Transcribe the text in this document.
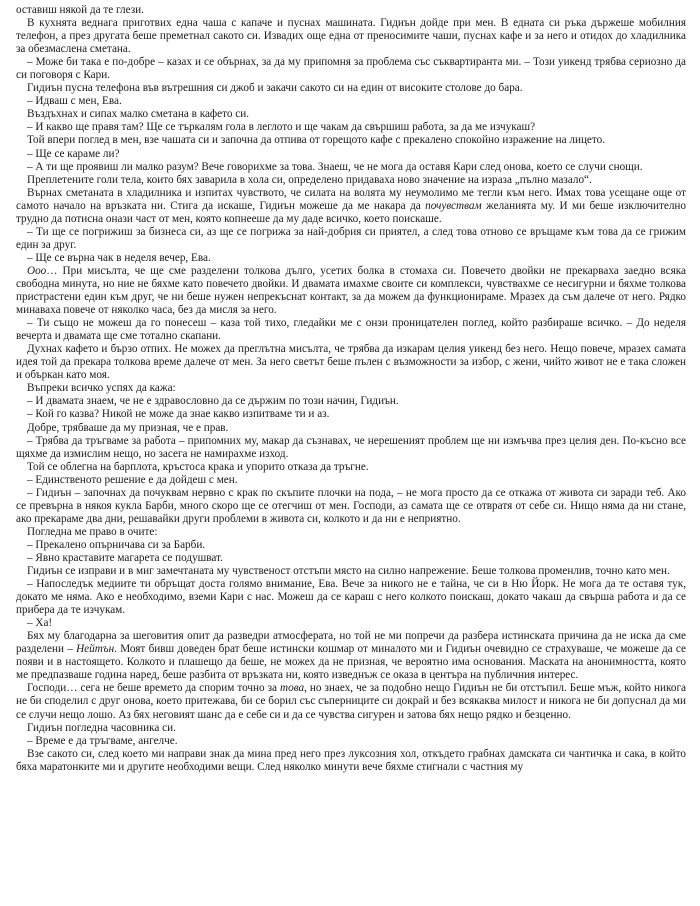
оставиш някой да те глези.

В кухнята веднага приготвих една чаша с капаче и пуснах машината. Гидиън дойде при мен. В едната си ръка държеше мобилния телефон, а през другата беше преметнал сакото си. Извадих още една от преносимите чаши, пуснах кафе и за него и отидох до хладилника за обезмаслена сметана.

– Може би така е по-добре – казах и се обърнах, за да му припомня за проблема със съквартиранта ми. – Този уикенд трябва сериозно да си поговоря с Кари.

Гидиън пусна телефона във вътрешния си джоб и закачи сакото си на един от високите столове до бара.

– Идваш с мен, Ева.

Въздъхнах и сипах малко сметана в кафето си.

– И какво ще правя там? Ще се търкалям гола в леглото и ще чакам да свършиш работа, за да ме изчукаш?

Той впери поглед в мен, взе чашата си и започна да отпива от горещото кафе с прекалено спокойно изражение на лицето.

– Ще се караме ли?

– А ти ще проявиш ли малко разум? Вече говорихме за това. Знаеш, че не мога да оставя Кари след онова, което се случи снощи.

Преплетените голи тела, които бях заварила в хола си, определено придаваха ново значение на израза „пълно мазало“.

Върнах сметаната в хладилника и изпитах чувството, че силата на волята му неумолимо ме тегли към него. Имах това усещане още от самото начало на връзката ни. Стига да искаше, Гидиън можеше да ме накара да почувствам желанията му. И ми беше изключително трудно да потисна онази част от мен, която копнееше да му даде всичко, което поискаше.

– Ти ще се погрижиш за бизнеса си, аз ще се погрижа за най-добрия си приятел, а след това отново се връщаме към това да се грижим един за друг.

– Ще се върна чак в неделя вечер, Ева.

Ооо… При мисълта, че ще сме разделени толкова дълго, усетих болка в стомаха си. Повечето двойки не прекарваха заедно всяка свободна минута, но ние не бяхме като повечето двойки. И двамата имахме своите си комплекси, чувствахме се несигурни и бяхме толкова пристрастени един към друг, че ни беше нужен непрекъснат контакт, за да можем да функционираме. Мразех да съм далече от него. Рядко минаваха повече от няколко часа, без да мисля за него.

– Ти също не можеш да го понесеш – каза той тихо, гледайки ме с онзи проницателен поглед, който разбираше всичко. – До неделя вечерта и двамата ще сме тотално скапани.

Духнах кафето и бързо отпих. Не можех да преглътна мисълта, че трябва да изкарам целия уикенд без него. Нещо повече, мразех самата идея той да прекара толкова време далече от мен. За него светът беше пълен с възможности за избор, с жени, чийто живот не е така сложен и объркан като моя.

Въпреки всичко успях да кажа:

– И двамата знаем, че не е здравословно да се държим по този начин, Гидиън.

– Кой го казва? Никой не може да знае какво изпитваме ти и аз.

Добре, трябваше да му призная, че е прав.

– Трябва да тръгваме за работа – припомних му, макар да съзнавах, че нерешеният проблем ще ни измъчва през целия ден. По-късно все щяхме да измислим нещо, но засега не намирахме изход.

Той се облегна на барплота, кръстоса крака и упорито отказа да тръгне.

– Единственото решение е да дойдеш с мен.

– Гидиън – започнах да почуквам нервно с крак по скъпите плочки на пода, – не мога просто да се откажа от живота си заради теб. Ако се превърна в някоя кукла Барби, много скоро ще се отегчиш от мен. Господи, аз самата ще се отвратя от себе си. Нищо няма да ни стане, ако прекараме два дни, решавайки други проблеми в живота си, колкото и да ни е неприятно.

Погледна ме право в очите:

– Прекалено опърничава си за Барби.

– Явно краставите магарета се подушват.

Гидиън се изправи и в миг замечтаната му чувственост отстъпи място на силно напрежение. Беше толкова променлив, точно като мен.

– Напоследък медиите ти обръщат доста голямо внимание, Ева. Вече за никого не е тайна, че си в Ню Йорк. Не мога да те оставя тук, докато ме няма. Ако е необходимо, вземи Кари с нас. Можеш да се караш с него колкото поискаш, докато чакаш да свърша работа и да се прибера да те изчукам.

– Ха!

Бях му благодарна за шеговития опит да разведри атмосферата, но той не ми попречи да разбера истинската причина да не иска да сме разделени – Нейтън. Моят бивш доведен брат беше истински кошмар от миналото ми и Гидиън очевидно се страхуваше, че можеше да се появи и в настоящето. Колкото и плашещо да беше, не можех да не призная, че вероятно има основания. Маската на анонимността, която ме предпазваше година наред, беше разбита от връзката ни, която изведнъж се оказа в центъра на публичния интерес.

Господи… сега не беше времето да спорим точно за това, но знаех, че за подобно нещо Гидиън не би отстъпил. Беше мъж, който никога не би споделил с друг онова, което притежава, би се борил със съперниците си докрай и без всякаква милост и никога не би допуснал да ми се случи нещо лошо. Аз бях неговият шанс да е себе си и да се чувства сигурен и затова бях нещо рядко и безценно.

Гидиън погледна часовника си.

– Време е да тръгваме, ангелче.

Взе сакото си, след което ми направи знак да мина пред него през луксозния хол, откъдето грабнах дамската си чантичка и сака, в който бяха маратонките ми и другите необходими вещи. След няколко минути вече бяхме стигнали с частния му
